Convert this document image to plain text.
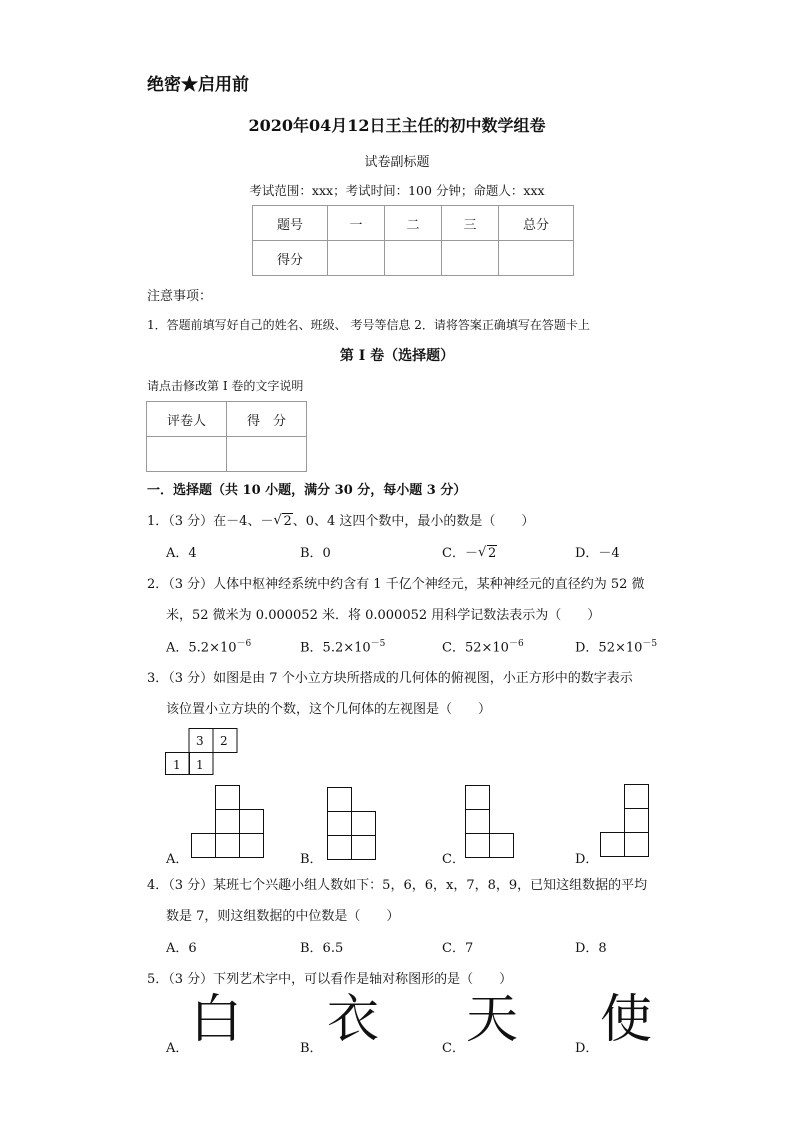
绝密★启用前
2020年04月12日王主任的初中数学组卷
试卷副标题
考试范围：xxx；考试时间：100 分钟；命题人：xxx
题号	一	二	三	总分
得分				
注意事项：
1．答题前填写好自己的姓名、班级、 考号等信息 2．请将答案正确填写在答题卡上
第 I 卷（选择题）
请点击修改第 I 卷的文字说明
评卷人	得　分

一．选择题（共 10 小题，满分 30 分，每小题 3 分）
1．（3 分）在－4、－ √ 2、0、4 这四个数中，最小的数是（　　）
A．4	B．0	C．－ √ 2	D．－4
2．（3 分）人体中枢神经系统中约含有 1 千亿个神经元，某种神经元的直径约为 52 微
米，52 微米为 0.000052 米．将 0.000052 用科学记数法表示为（　　）
A．$5.2\times 10^{-6}$	B．$5.2\times 10^{-5}$	C．$52\times 10^{-6}$	D．$52\times 10^{-5}$
3．（3 分）如图是由 7 个小立方块所搭成的几何体的俯视图，小正方形中的数字表示
该位置小立方块的个数，这个几何体的左视图是（　　）
3 2
1 1
A．	B．	C．	D．
4．（3 分）某班七个兴趣小组人数如下：5，6，6，x，7，8，9，已知这组数据的平均
数是 7，则这组数据的中位数是（　　）
A．6	B．6.5	C．7	D．8
5．（3 分）下列艺术字中，可以看作是轴对称图形的是（　　）
A． 白	B． 衣	C． 天	D． 使
